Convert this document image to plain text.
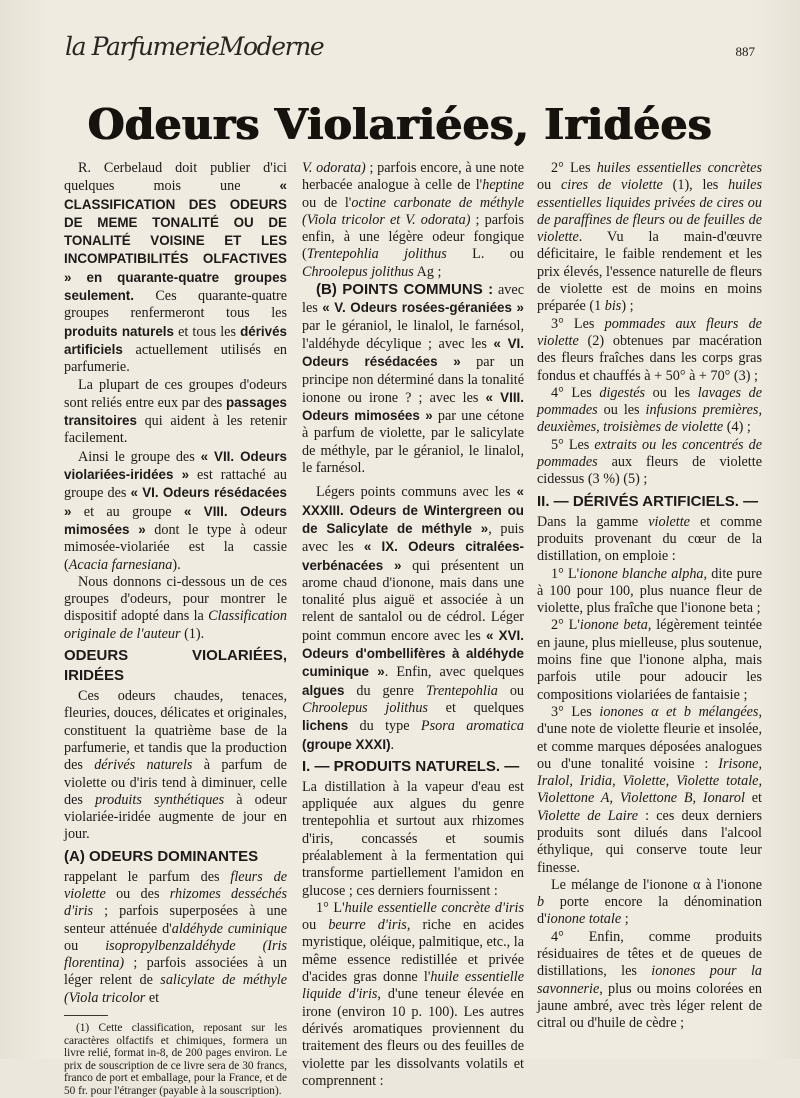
la ParfumerieModerne	887
Odeurs Violariées, Iridées

R. Cerbelaud doit publier d'ici quelques mois une « CLASSIFICATION DES ODEURS DE MEME TONALITÉ OU DE TONALITÉ VOISINE ET LES INCOMPATIBILITÉS OLFACTIVES » en quarante-quatre groupes seulement. Ces quarante-quatre groupes renfermeront tous les produits naturels et tous les dérivés artificiels actuellement utilisés en parfumerie.

La plupart de ces groupes d'odeurs sont reliés entre eux par des passages transitoires qui aident à les retenir facilement.

Ainsi le groupe des « VII. Odeurs violariées-iridées » est rattaché au groupe des « VI. Odeurs résédacées » et au groupe « VIII. Odeurs mimosées » dont le type à odeur mimosée-violariée est la cassie (Acacia farnesiana).

Nous donnons ci-dessous un de ces groupes d'odeurs, pour montrer le dispositif adopté dans la Classification originale de l'auteur (1).

ODEURS VIOLARIÉES, IRIDÉES

Ces odeurs chaudes, tenaces, fleuries, douces, délicates et originales, constituent la quatrième base de la parfumerie, et tandis que la production des dérivés naturels à parfum de violette ou d'iris tend à diminuer, celle des produits synthétiques à odeur violariée-iridée augmente de jour en jour.

(A) ODEURS DOMINANTES

rappelant le parfum des fleurs de violette ou des rhizomes desséchés d'iris ; parfois superposées à une senteur atténuée d'aldéhyde cuminique ou isopropylbenzaldéhyde (Iris florentina) ; parfois associées à un léger relent de salicylate de méthyle (Viola tricolor et

(1) Cette classification, reposant sur les caractères olfactifs et chimiques, formera un livre relié, format in-8, de 200 pages environ. Le prix de souscription de ce livre sera de 30 francs, franco de port et emballage, pour la France, et de 50 fr. pour l'étranger (payable à la souscription).

V. odorata) ; parfois encore, à une note herbacée analogue à celle de l'heptine ou de l'octine carbonate de méthyle (Viola tricolor et V. odorata) ; parfois enfin, à une légère odeur fongique (Trentepohlia jolithus L. ou Chroolepus jolithus Ag ;

(B) POINTS COMMUNS : avec les « V. Odeurs rosées-géraniées » par le géraniol, le linalol, le farnésol, l'aldéhyde décylique ; avec les « VI. Odeurs résédacées » par un principe non déterminé dans la tonalité ionone ou irone ? ; avec les « VIII. Odeurs mimosées » par une cétone à parfum de violette, par le salicylate de méthyle, par le géraniol, le linalol, le farnésol.

Légers points communs avec les « XXXIII. Odeurs de Wintergreen ou de Salicylate de méthyle », puis avec les « IX. Odeurs citralées-verbénacées » qui présentent un arome chaud d'ionone, mais dans une tonalité plus aiguë et associée à un relent de santalol ou de cédrol. Léger point commun encore avec les « XVI. Odeurs d'ombellifères à aldéhyde cuminique ». Enfin, avec quelques algues du genre Trentepohlia ou Chroolepus jolithus et quelques lichens du type Psora aromatica (groupe XXXI).

I. — PRODUITS NATURELS. —

La distillation à la vapeur d'eau est appliquée aux algues du genre trentepohlia et surtout aux rhizomes d'iris, concassés et soumis préalablement à la fermentation qui transforme partiellement l'amidon en glucose ; ces derniers fournissent :

1° L'huile essentielle concrète d'iris ou beurre d'iris, riche en acides myristique, oléique, palmitique, etc., la même essence redistillée et privée d'acides gras donne l'huile essentielle liquide d'iris, d'une teneur élevée en irone (environ 10 p. 100). Les autres dérivés aromatiques proviennent du traitement des fleurs ou des feuilles de violette par les dissolvants volatils et comprennent :

2° Les huiles essentielles concrètes ou cires de violette (1), les huiles essentielles liquides privées de cires ou de paraffines de fleurs ou de feuilles de violette. Vu la main-d'œuvre déficitaire, le faible rendement et les prix élevés, l'essence naturelle de fleurs de violette est de moins en moins préparée (1 bis) ;

3° Les pommades aux fleurs de violette (2) obtenues par macération des fleurs fraîches dans les corps gras fondus et chauffés à + 50° à + 70° (3) ;

4° Les digestés ou les lavages de pommades ou les infusions premières, deuxièmes, troisièmes de violette (4) ;

5° Les extraits ou les concentrés de pommades aux fleurs de violette cidessus (3 %) (5) ;

II. — DÉRIVÉS ARTIFICIELS. —

Dans la gamme violette et comme produits provenant du cœur de la distillation, on emploie :

1° L'ionone blanche alpha, dite pure à 100 pour 100, plus nuance fleur de violette, plus fraîche que l'ionone beta ;

2° L'ionone beta, légèrement teintée en jaune, plus mielleuse, plus soutenue, moins fine que l'ionone alpha, mais parfois utile pour adoucir les compositions violariées de fantaisie ;

3° Les ionones α et b mélangées, d'une note de violette fleurie et insolée, et comme marques déposées analogues ou d'une tonalité voisine : Irisone, Iralol, Iridia, Violette, Violette totale, Violettone A, Violettone B, Ionarol et Violette de Laire : ces deux derniers produits sont dilués dans l'alcool éthylique, qui conserve toute leur finesse.

Le mélange de l'ionone α à l'ionone b porte encore la dénomination d'ionone totale ;

4° Enfin, comme produits résiduaires de têtes et de queues de distillations, les ionones pour la savonnerie, plus ou moins colorées en jaune ambré, avec très léger relent de citral ou d'huile de cèdre ;
